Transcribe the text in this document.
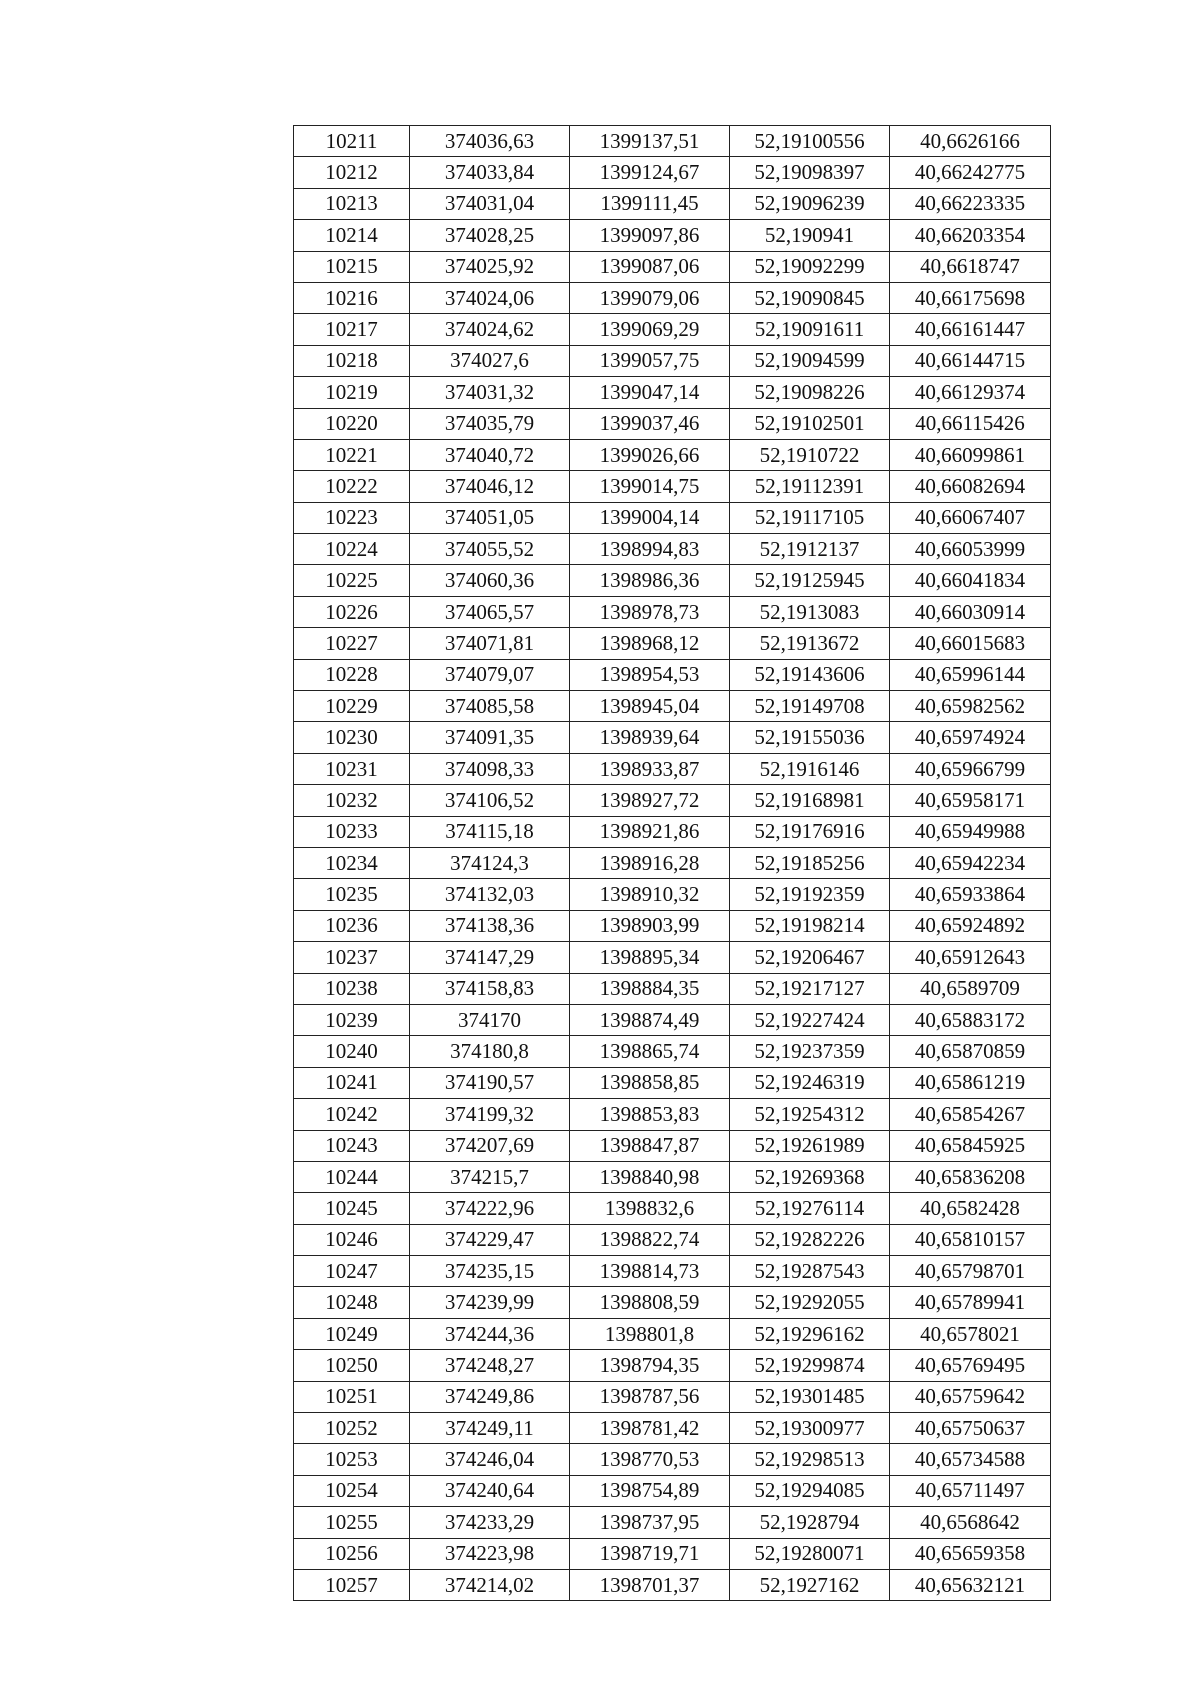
10211	374036,63	1399137,51	52,19100556	40,6626166
10212	374033,84	1399124,67	52,19098397	40,66242775
10213	374031,04	1399111,45	52,19096239	40,66223335
10214	374028,25	1399097,86	52,190941	40,66203354
10215	374025,92	1399087,06	52,19092299	40,6618747
10216	374024,06	1399079,06	52,19090845	40,66175698
10217	374024,62	1399069,29	52,19091611	40,66161447
10218	374027,6	1399057,75	52,19094599	40,66144715
10219	374031,32	1399047,14	52,19098226	40,66129374
10220	374035,79	1399037,46	52,19102501	40,66115426
10221	374040,72	1399026,66	52,1910722	40,66099861
10222	374046,12	1399014,75	52,19112391	40,66082694
10223	374051,05	1399004,14	52,19117105	40,66067407
10224	374055,52	1398994,83	52,1912137	40,66053999
10225	374060,36	1398986,36	52,19125945	40,66041834
10226	374065,57	1398978,73	52,1913083	40,66030914
10227	374071,81	1398968,12	52,1913672	40,66015683
10228	374079,07	1398954,53	52,19143606	40,65996144
10229	374085,58	1398945,04	52,19149708	40,65982562
10230	374091,35	1398939,64	52,19155036	40,65974924
10231	374098,33	1398933,87	52,1916146	40,65966799
10232	374106,52	1398927,72	52,19168981	40,65958171
10233	374115,18	1398921,86	52,19176916	40,65949988
10234	374124,3	1398916,28	52,19185256	40,65942234
10235	374132,03	1398910,32	52,19192359	40,65933864
10236	374138,36	1398903,99	52,19198214	40,65924892
10237	374147,29	1398895,34	52,19206467	40,65912643
10238	374158,83	1398884,35	52,19217127	40,6589709
10239	374170	1398874,49	52,19227424	40,65883172
10240	374180,8	1398865,74	52,19237359	40,65870859
10241	374190,57	1398858,85	52,19246319	40,65861219
10242	374199,32	1398853,83	52,19254312	40,65854267
10243	374207,69	1398847,87	52,19261989	40,65845925
10244	374215,7	1398840,98	52,19269368	40,65836208
10245	374222,96	1398832,6	52,19276114	40,6582428
10246	374229,47	1398822,74	52,19282226	40,65810157
10247	374235,15	1398814,73	52,19287543	40,65798701
10248	374239,99	1398808,59	52,19292055	40,65789941
10249	374244,36	1398801,8	52,19296162	40,6578021
10250	374248,27	1398794,35	52,19299874	40,65769495
10251	374249,86	1398787,56	52,19301485	40,65759642
10252	374249,11	1398781,42	52,19300977	40,65750637
10253	374246,04	1398770,53	52,19298513	40,65734588
10254	374240,64	1398754,89	52,19294085	40,65711497
10255	374233,29	1398737,95	52,1928794	40,6568642
10256	374223,98	1398719,71	52,19280071	40,65659358
10257	374214,02	1398701,37	52,1927162	40,65632121
